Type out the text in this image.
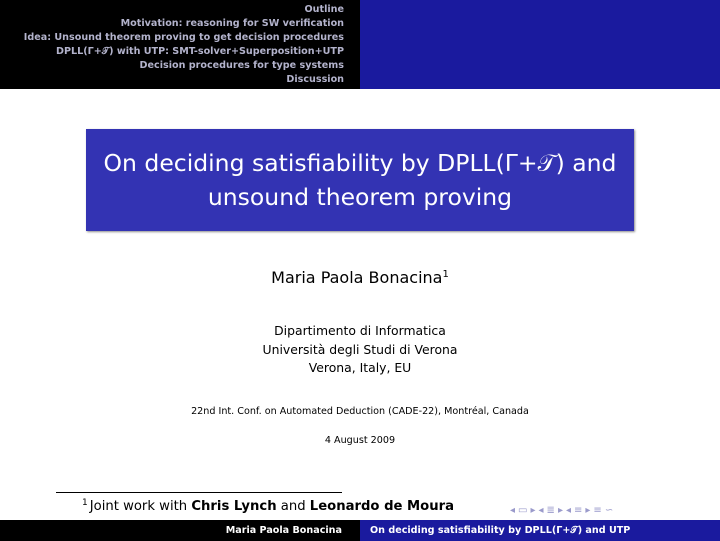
Outline
Motivation: reasoning for SW verification
Idea: Unsound theorem proving to get decision procedures
DPLL(Γ+𝒯) with UTP: SMT-solver+Superposition+UTP
Decision procedures for type systems
Discussion
On deciding satisfiability by DPLL(Γ+𝒯) and
unsound theorem proving
Maria Paola Bonacina$^1$
Dipartimento di Informatica
Università degli Studi di Verona
Verona, Italy, EU
22nd Int. Conf. on Automated Deduction (CADE-22), Montréal, Canada
4 August 2009
$^1$ Joint work with Chris Lynch and Leonardo de Moura	◂ ▭ ▸ ◂ ≣ ▸ ◂ ≡ ▸ ≡ ∽
Maria Paola Bonacina	On deciding satisfiability by DPLL(Γ+𝒯) and UTP
